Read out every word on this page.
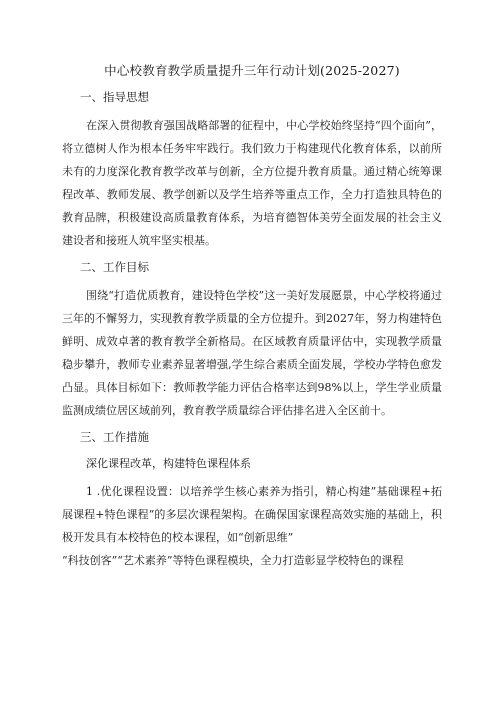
中心校教育教学质量提升三年行动计划(2025-2027)
一、指导思想

在深入贯彻教育强国战略部署的征程中，中心学校始终坚持“四个面向”，将立德树人作为根本任务牢牢践行。我们致力于构建现代化教育体系，以前所未有的力度深化教育教学改革与创新，全方位提升教育质量。通过精心统筹课程改革、教师发展、教学创新以及学生培养等重点工作，全力打造独具特色的教育品牌，积极建设高质量教育体系，为培育德智体美劳全面发展的社会主义建设者和接班人筑牢坚实根基。

二、工作目标

围绕“打造优质教育，建设特色学校”这一美好发展愿景，中心学校将通过三年的不懈努力，实现教育教学质量的全方位提升。到2027年，努力构建特色鲜明、成效卓著的教育教学全新格局。在区域教育质量评估中，实现教学质量稳步攀升，教师专业素养显著增强,学生综合素质全面发展，学校办学特色愈发凸显。具体目标如下：教师教学能力评估合格率达到98%以上，学生学业质量监测成绩位居区域前列，教育教学质量综合评估排名进入全区前十。

三、工作措施
深化课程改革，构建特色课程体系

1 .优化课程设置：以培养学生核心素养为指引，精心构建”基础课程+拓展课程+特色课程”的多层次课程架构。在确保国家课程高效实施的基础上，积极开发具有本校特色的校本课程，如“创新思维”

“科技创客”“艺术素养”等特色课程模块，全力打造彰显学校特色的课程
